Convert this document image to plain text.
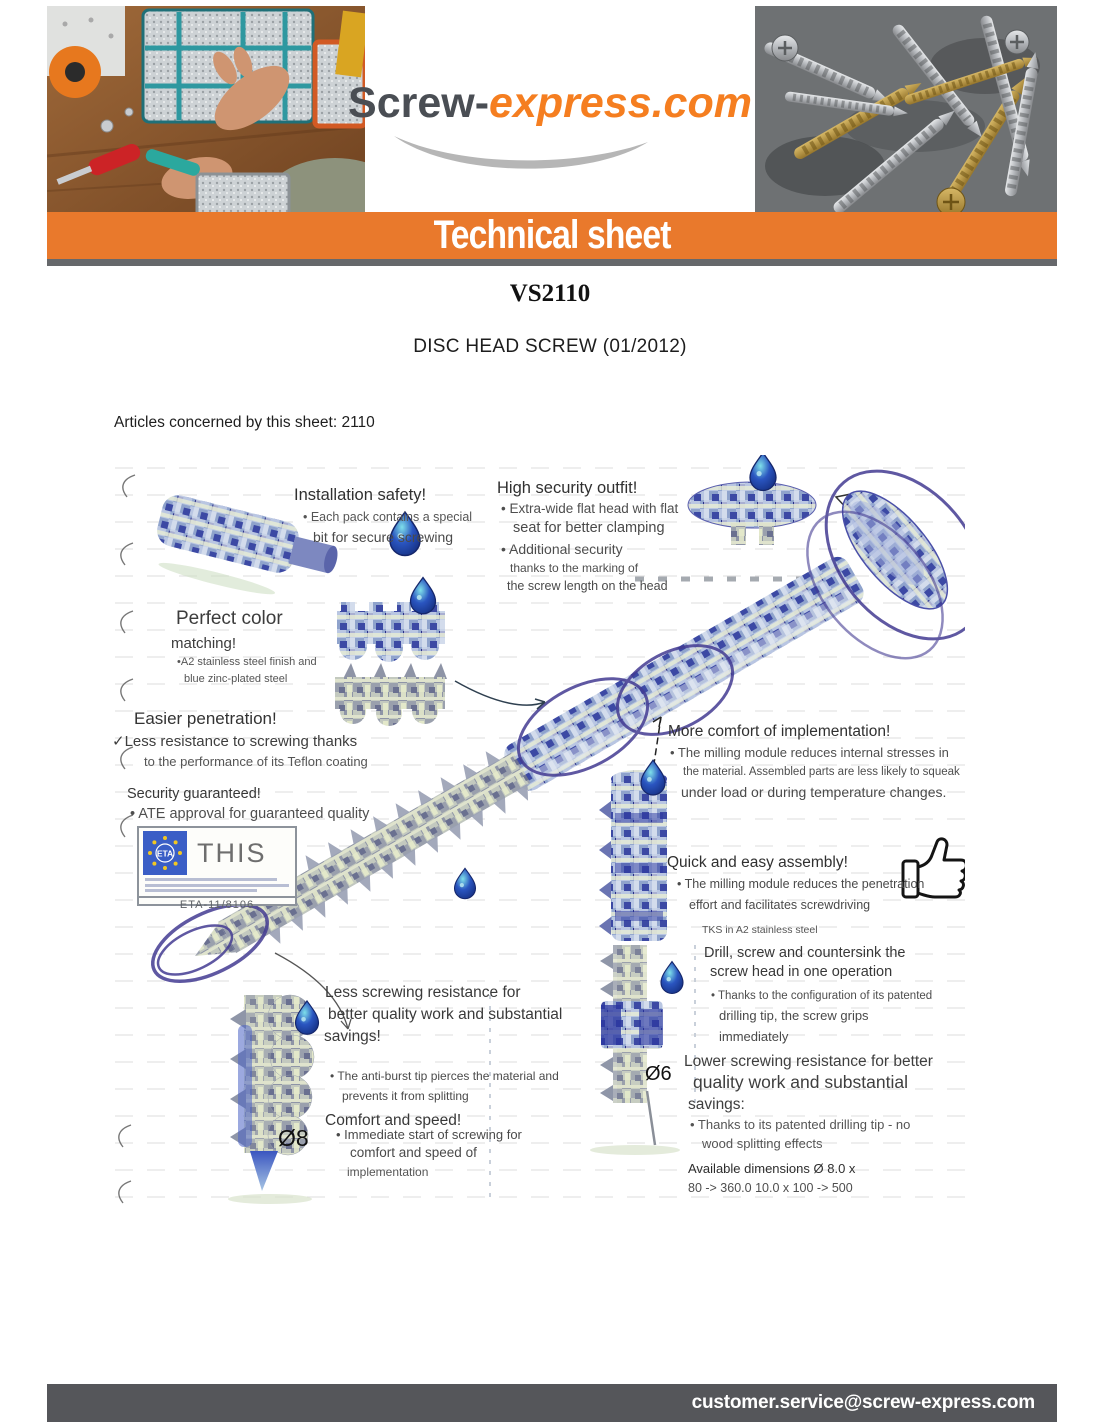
Screw-express.com
Technical sheet
VS2110
DISC HEAD SCREW (01/2012)
Articles concerned by this sheet: 2110
ETA THIS
ETA-11/8106
Installation safety!
• Each pack contains a special
bit for secure screwing
High security outfit!
• Extra-wide flat head with flat
seat for better clamping
• Additional security
thanks to the marking of
the screw length on the head
Perfect color
matching!
•A2 stainless steel finish and
blue zinc-plated steel
Easier penetration!
✓Less resistance to screwing thanks
to the performance of its Teflon coating
Security guaranteed!
• ATE approval for guaranteed quality
More comfort of implementation!
• The milling module reduces internal stresses in
the material. Assembled parts are less likely to squeak
under load or during temperature changes.
Quick and easy assembly!
• The milling module reduces the penetration
effort and facilitates screwdriving
TKS in A2 stainless steel
Drill, screw and countersink the
screw head in one operation
• Thanks to the configuration of its patented
drilling tip, the screw grips
immediately
Lower screwing resistance for better
quality work and substantial
savings:
• Thanks to its patented drilling tip - no
wood splitting effects
Available dimensions Ø 8.0 x
80 -> 360.0 10.0 x 100 -> 500
Less screwing resistance for
better quality work and substantial
savings!
• The anti-burst tip pierces the material and
prevents it from splitting
Comfort and speed!
• Immediate start of screwing for
comfort and speed of
implementation
Ø8
Ø6
customer.service@screw-express.com
